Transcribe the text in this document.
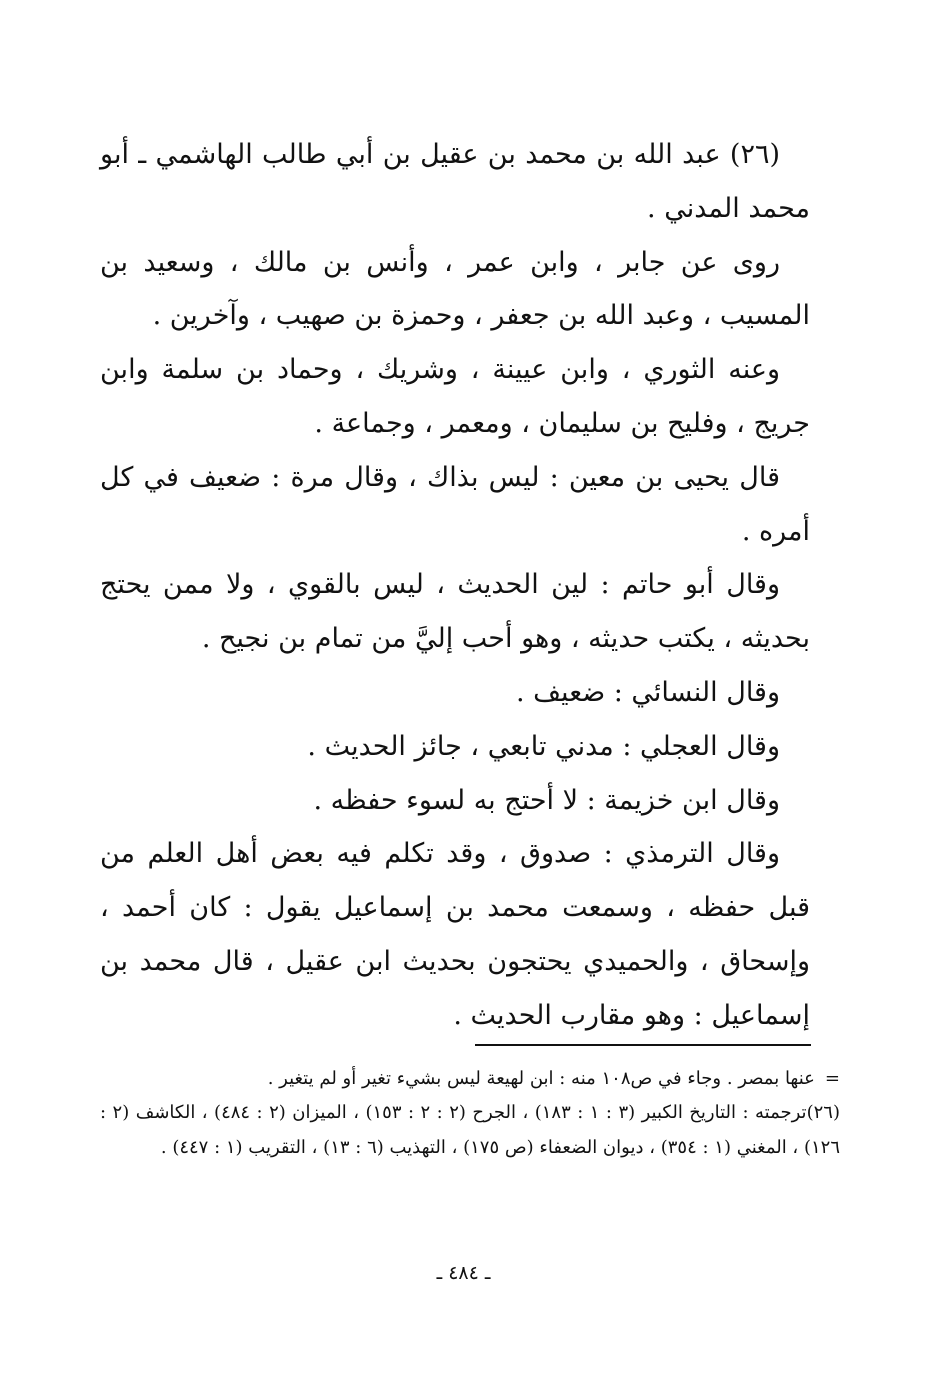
(٢٦) عبد الله بن محمد بن عقيل بن أبي طالب الهاشمي ـ أبو محمد المدني .

روى عن جابر ، وابن عمر ، وأنس بن مالك ، وسعيد بن المسيب ، وعبد الله بن جعفر ، وحمزة بن صهيب ، وآخرين .

وعنه الثوري ، وابن عيينة ، وشريك ، وحماد بن سلمة وابن جريج ، وفليح بن سليمان ، ومعمر ، وجماعة .

قال يحيى بن معين : ليس بذاك ، وقال مرة : ضعيف في كل أمره .

وقال أبو حاتم : لين الحديث ، ليس بالقوي ، ولا ممن يحتج بحديثه ، يكتب حديثه ، وهو أحب إليَّ من تمام بن نجيح .

وقال النسائي : ضعيف .

وقال العجلي : مدني تابعي ، جائز الحديث .

وقال ابن خزيمة : لا أحتج به لسوء حفظه .

وقال الترمذي : صدوق ، وقد تكلم فيه بعض أهل العلم من قبل حفظه ، وسمعت محمد بن إسماعيل يقول : كان أحمد ، وإسحاق ، والحميدي يحتجون بحديث ابن عقيل ، قال محمد بن إسماعيل : وهو مقارب الحديث .

=عنها بمصر . وجاء في ص١٠٨ منه : ابن لهيعة ليس بشيء تغير أو لم يتغير .

(٢٦)ترجمته : التاريخ الكبير (٣ : ١ : ١٨٣) ، الجرح (٢ : ٢ : ١٥٣) ، الميزان (٢ : ٤٨٤) ، الكاشف (٢ : ١٢٦) ، المغني (١ : ٣٥٤) ، ديوان الضعفاء (ص ١٧٥) ، التهذيب (٦ : ١٣) ، التقريب (١ : ٤٤٧) .

ـ ٤٨٤ ـ
